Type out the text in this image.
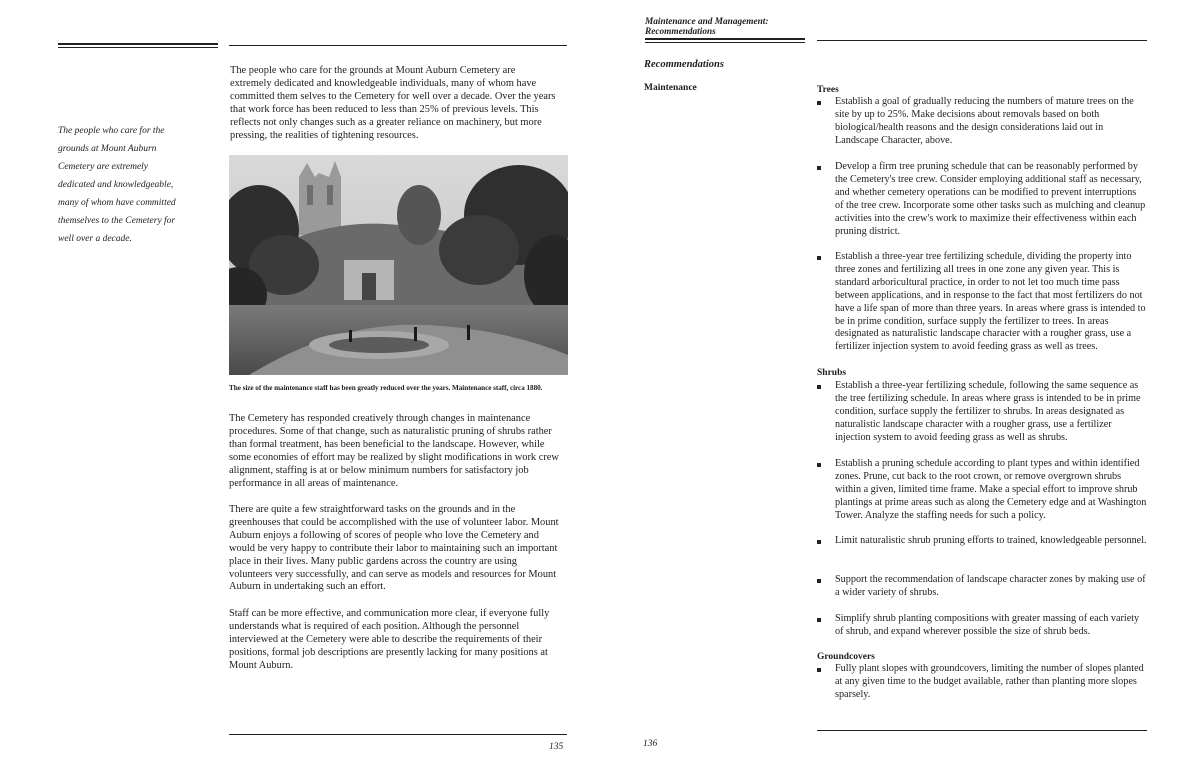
The people who care for the grounds at Mount Auburn Cemetery are extremely dedicated and knowledgeable individuals, many of whom have committed them selves to the Cemetery for well over a decade. Over the years that work force has been reduced to less than 25% of previous levels. This reflects not only changes such as a greater reliance on machinery, but more pressing, the realities of tightening resources.

The people who care for the grounds at Mount Auburn Cemetery are extremely dedicated and knowledgeable, many of whom have committed themselves to the Cemetery for well over a decade.

The size of the maintenance staff has been greatly reduced over the years. Maintenance staff, circa 1880.

The Cemetery has responded creatively through changes in maintenance procedures. Some of that change, such as naturalistic pruning of shrubs rather than formal treatment, has been beneficial to the landscape. However, while some economies of effort may be realized by slight modifications in work crew alignment, staffing is at or below minimum numbers for satisfactory job performance in all areas of maintenance.

There are quite a few straightforward tasks on the grounds and in the greenhouses that could be accomplished with the use of volunteer labor. Mount Auburn enjoys a following of scores of people who love the Cemetery and would be very happy to contribute their labor to maintaining such an important place in their lives. Many public gardens across the country are using volunteers very successfully, and can serve as models and resources for Mount Auburn in undertaking such an effort.

Staff can be more effective, and communication more clear, if everyone fully understands what is required of each position. Although the personnel interviewed at the Cemetery were able to describe the requirements of their positions, formal job descriptions are presently lacking for many positions at Mount Auburn.

135
Maintenance and Management:
Recommendations
Recommendations
Maintenance	Trees
Establish a goal of gradually reducing the numbers of mature trees on the site by up to 25%. Make decisions about removals based on both biological/health reasons and the design considerations laid out in Landscape Character, above.
Develop a firm tree pruning schedule that can be reasonably performed by the Cemetery's tree crew. Consider employing additional staff as necessary, and whether cemetery operations can be modified to prevent interruptions of the tree crew. Incorporate some other tasks such as mulching and cleanup activities into the crew's work to maximize their effectiveness within each pruning district.
Establish a three-year tree fertilizing schedule, dividing the property into three zones and fertilizing all trees in one zone any given year. This is standard arboricultural practice, in order to not let too much time pass between applications, and in response to the fact that most fertilizers do not have a life span of more than three years. In areas where grass is intended to be in prime condition, surface supply the fertilizer to trees. In areas designated as naturalistic landscape character with a rougher grass, use a fertilizer injection system to avoid feeding grass as well as trees.
Shrubs
Establish a three-year fertilizing schedule, following the same sequence as the tree fertilizing schedule. In areas where grass is intended to be in prime condition, surface supply the fertilizer to shrubs. In areas designated as naturalistic landscape character with a rougher grass, use a fertilizer injection system to avoid feeding grass as well as shrubs.
Establish a pruning schedule according to plant types and within identified zones. Prune, cut back to the root crown, or remove overgrown shrubs within a given, limited time frame. Make a special effort to improve shrub plantings at prime areas such as along the Cemetery edge and at Washington Tower. Analyze the staffing needs for such a policy.
Limit naturalistic shrub pruning efforts to trained, knowledgeable personnel.
Support the recommendation of landscape character zones by making use of a wider variety of shrubs.
Simplify shrub planting compositions with greater massing of each variety of shrub, and expand wherever possible the size of shrub beds.
Groundcovers
Fully plant slopes with groundcovers, limiting the number of slopes planted at any given time to the budget available, rather than planting more slopes sparsely.
136
